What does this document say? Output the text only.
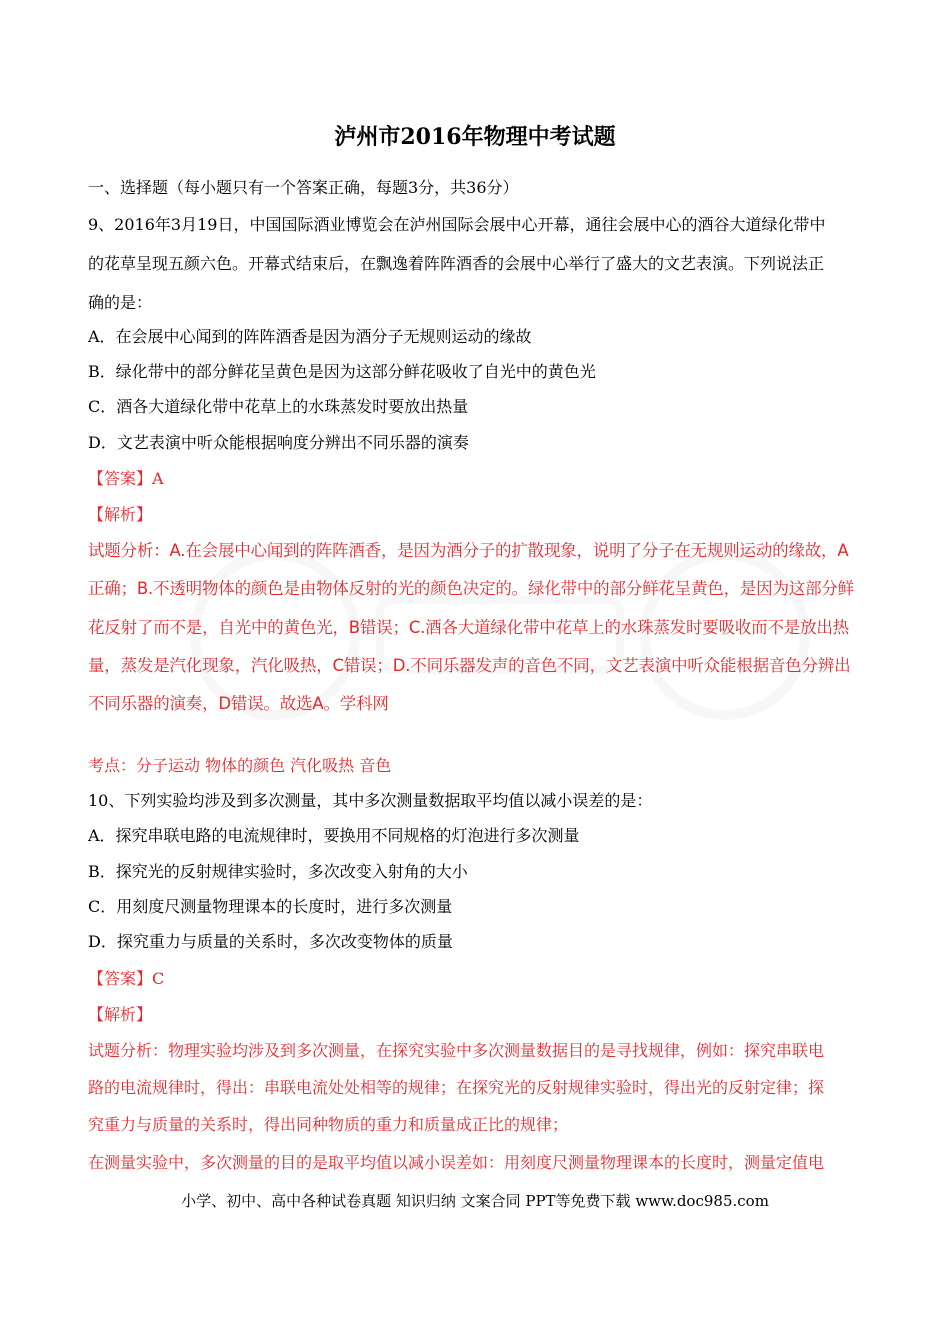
泸州市2016年物理中考试题
一、选择题（每小题只有一个答案正确，每题3分，共36分）
9、2016年3月19日，中国国际酒业博览会在泸州国际会展中心开幕，通往会展中心的酒谷大道绿化带中
的花草呈现五颜六色。开幕式结束后，在飘逸着阵阵酒香的会展中心举行了盛大的文艺表演。下列说法正
确的是：
A．在会展中心闻到的阵阵酒香是因为酒分子无规则运动的缘故
B．绿化带中的部分鲜花呈黄色是因为这部分鲜花吸收了自光中的黄色光
C．酒各大道绿化带中花草上的水珠蒸发时要放出热量
D．文艺表演中听众能根据响度分辨出不同乐器的演奏
【答案】A
【解析】
试题分析：A.在会展中心闻到的阵阵酒香，是因为酒分子的扩散现象，说明了分子在无规则运动的缘故，A
正确；B.不透明物体的颜色是由物体反射的光的颜色决定的。绿化带中的部分鲜花呈黄色，是因为这部分鲜
花反射了而不是，自光中的黄色光，B错误；C.酒各大道绿化带中花草上的水珠蒸发时要吸收而不是放出热
量，蒸发是汽化现象，汽化吸热，C错误；D.不同乐器发声的音色不同，文艺表演中听众能根据音色分辨出
不同乐器的演奏，D错误。故选A。学科网
考点：分子运动 物体的颜色 汽化吸热 音色
10、下列实验均涉及到多次测量，其中多次测量数据取平均值以减小误差的是：
A．探究串联电路的电流规律时，要换用不同规格的灯泡进行多次测量
B．探究光的反射规律实验时，多次改变入射角的大小
C．用刻度尺测量物理课本的长度时，进行多次测量
D．探究重力与质量的关系时，多次改变物体的质量
【答案】C
【解析】
试题分析：物理实验均涉及到多次测量，在探究实验中多次测量数据目的是寻找规律，例如：探究串联电
路的电流规律时，得出：串联电流处处相等的规律；在探究光的反射规律实验时，得出光的反射定律；探
究重力与质量的关系时，得出同种物质的重力和质量成正比的规律；
在测量实验中，多次测量的目的是取平均值以减小误差如：用刻度尺测量物理课本的长度时，测量定值电
小学、初中、高中各种试卷真题 知识归纳 文案合同 PPT等免费下载 www.doc985.com
